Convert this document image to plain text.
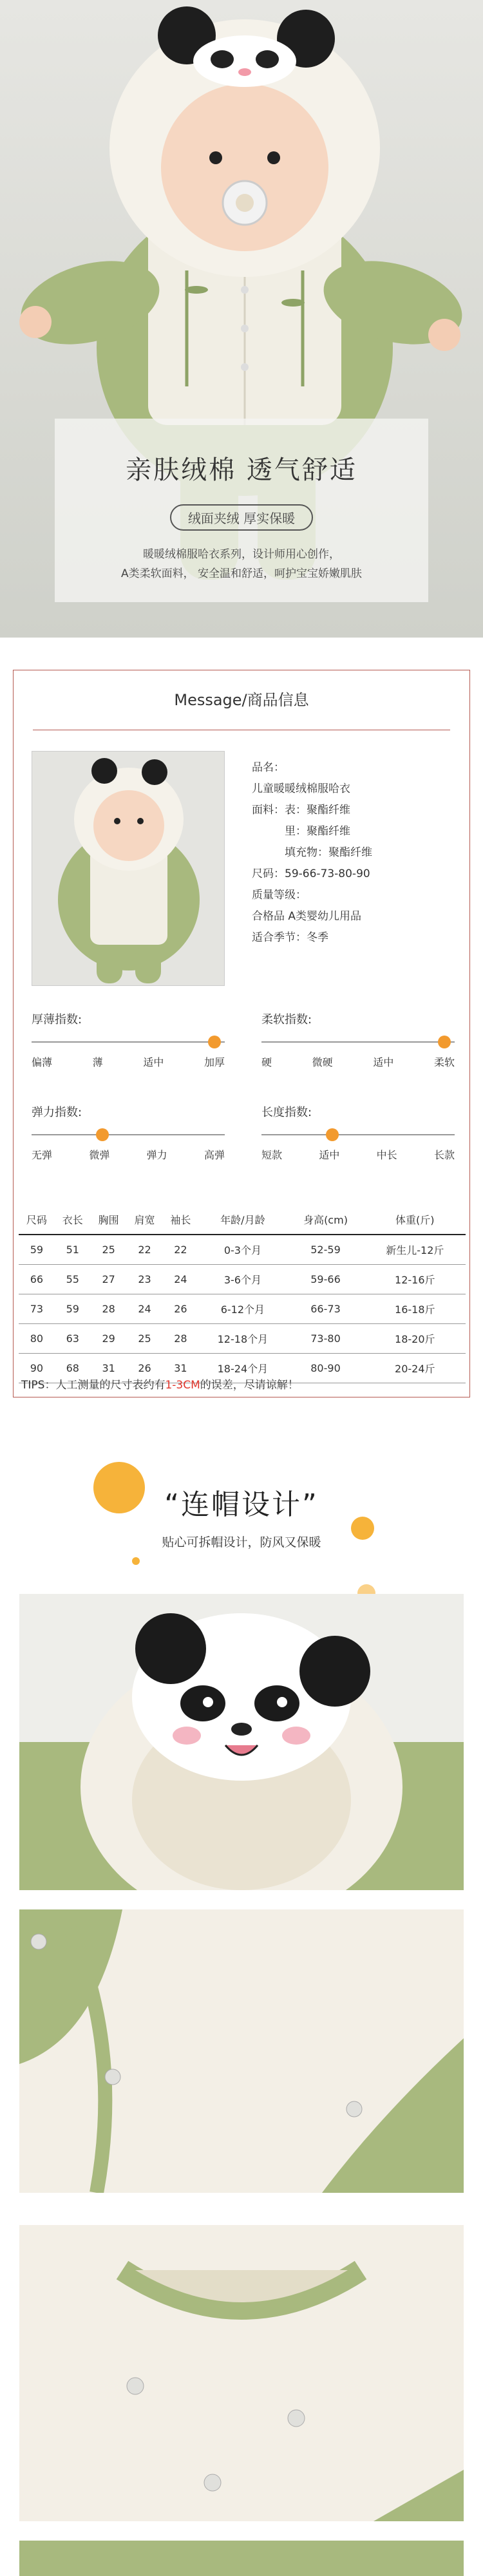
亲肤绒棉 透气舒适
绒面夹绒 厚实保暖
暖暖绒棉服哈衣系列，设计师用心创作，
A类柔软面料， 安全温和舒适，呵护宝宝娇嫩肌肤
Message/商品信息
品名：
儿童暖暖绒棉服哈衣
面料：表：聚酯纤维
　　　里：聚酯纤维
　　　填充物：聚酯纤维
尺码：59-66-73-80-90
质量等级：
合格品 A类婴幼儿用品
适合季节：冬季
厚薄指数:
偏薄	薄	适中	加厚
柔软指数:
硬	微硬	适中	柔软
弹力指数:
无弹	微弹	弹力	高弹
长度指数:
短款	适中	中长	长款
尺码	衣长	胸围	肩宽	袖长	年龄/月龄	身高(cm)	体重(斤)
59	51	25	22	22	0-3个月	52-59	新生儿-12斤
66	55	27	23	24	3-6个月	59-66	12-16斤
73	59	28	24	26	6-12个月	66-73	16-18斤
80	63	29	25	28	12-18个月	73-80	18-20斤
90	68	31	26	31	18-24个月	80-90	20-24斤
TIPS：人工测量的尺寸表约有1-3CM的误差，尽请谅解！
“连帽设计”
贴心可拆帽设计，防风又保暖
